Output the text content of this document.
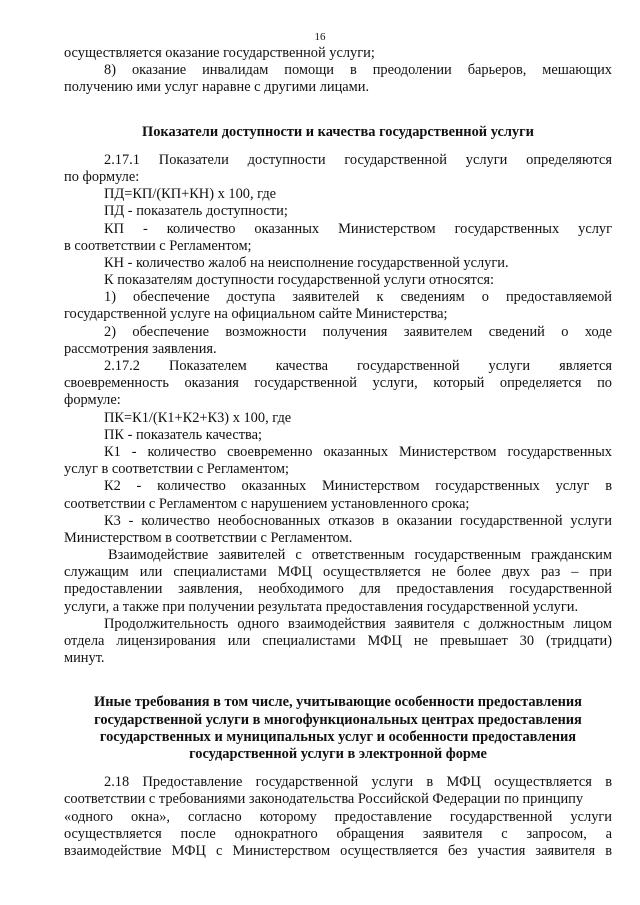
16
осуществляется оказание государственной услуги;
8) оказание инвалидам помощи в преодолении барьеров, мешающих
получению ими услуг наравне с другими лицами.
Показатели доступности и качества государственной услуги
2.17.1 Показатели доступности государственной услуги определяются
по формуле:
ПД=КП/(КП+КН) х 100, где
ПД - показатель доступности;
КП - количество оказанных Министерством государственных услуг
в соответствии с Регламентом;
КН - количество жалоб на неисполнение государственной услуги.
К показателям доступности государственной услуги относятся:
1) обеспечение доступа заявителей к сведениям о предоставляемой
государственной услуге на официальном сайте Министерства;
2) обеспечение возможности получения заявителем сведений о ходе
рассмотрения заявления.
2.17.2 Показателем качества государственной услуги является
своевременность оказания государственной услуги, который определяется по
формуле:
ПК=К1/(К1+К2+К3) х 100, где
ПК - показатель качества;
К1 - количество своевременно оказанных Министерством государственных
услуг в соответствии с Регламентом;
К2 - количество оказанных Министерством государственных услуг в
соответствии с Регламентом с нарушением установленного срока;
К3 - количество необоснованных отказов в оказании государственной услуги
Министерством в соответствии с Регламентом.
Взаимодействие заявителей с ответственным государственным гражданским
служащим или специалистами МФЦ осуществляется не более двух раз – при
предоставлении заявления, необходимого для предоставления государственной
услуги, а также при получении результата предоставления государственной услуги.
Продолжительность одного взаимодействия заявителя с должностным лицом
отдела лицензирования или специалистами МФЦ не превышает 30 (тридцати)
минут.
Иные требования в том числе, учитывающие особенности предоставления
государственной услуги в многофункциональных центрах предоставления
государственных и муниципальных услуг и особенности предоставления
государственной услуги в электронной форме
2.18 Предоставление государственной услуги в МФЦ осуществляется в
соответствии с требованиями законодательства Российской Федерации по принципу
«одного окна», согласно которому предоставление государственной услуги
осуществляется после однократного обращения заявителя с запросом, а
взаимодействие МФЦ с Министерством осуществляется без участия заявителя в
